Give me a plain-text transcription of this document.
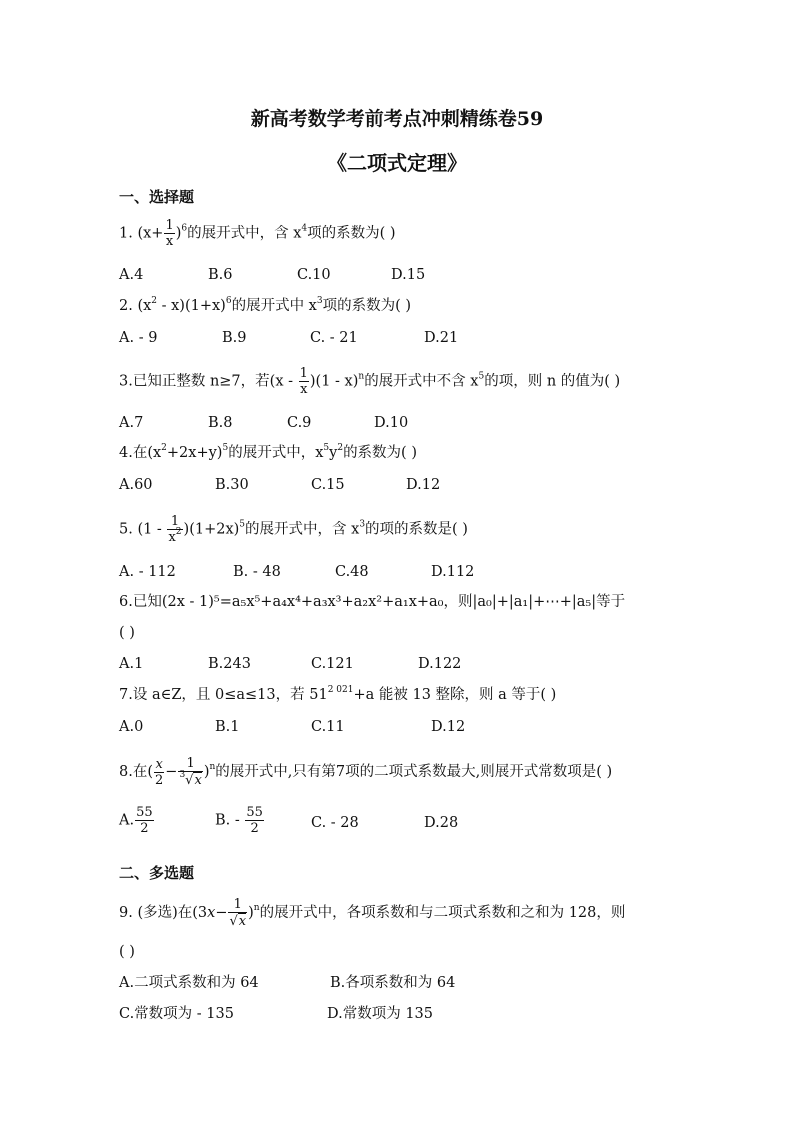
新高考数学考前考点冲刺精练卷59
《二项式定理》
一、选择题
1. $(x+ \frac{1}{x} )^6$的展开式中，含 $x^4$项的系数为( )
A.4	B.6	C.10	D.15
2. $(x^2 - x)(1+x)^6$的展开式中 $x^3$项的系数为( )
A. - 9	B.9	C. - 21	D.21
3.已知正整数 n≥7，若$(x - \frac{1}{x} )(1 - x)^n$的展开式中不含 $x^5$的项，则 n 的值为( )
A.7	B.8	C.9	D.10
4.在$(x^2+2x+y)^5$的展开式中，$x^5y^2$的系数为( )
A.60	B.30	C.15	D.12
5. $(1 - \frac{1}{x^2} )(1+2x)^5$的展开式中，含 $x^3$的项的系数是( )
A. - 112	B. - 48	C.48	D.112
6.已知(2x - 1)⁵=a₅x⁵+a₄x⁴+a₃x³+a₂x²+a₁x+a₀，则|a₀|+|a₁|+⋯+|a₅|等于
( )
A.1	B.243	C.121	D.122
7.设 a∈Z，且 0≤a≤13，若 $51^{2 021}+a$ 能被 13 整除，则 a 等于( )
A.0	B.1	C.11	D.12
8.在( $\frac{x}{2} - \frac{1}{^3√x} )^n$的展开式中,只有第7项的二项式系数最大,则展开式常数项是( )
A. $\frac{55}{2}$	B. - $\frac{55}{2}$	C. - 28	D.28
二、多选题
9. (多选)在$(3x- \frac{1}{√x} )^n$的展开式中，各项系数和与二项式系数和之和为 128，则
( )
A.二项式系数和为 64	B.各项系数和为 64
C.常数项为 - 135	D.常数项为 135
